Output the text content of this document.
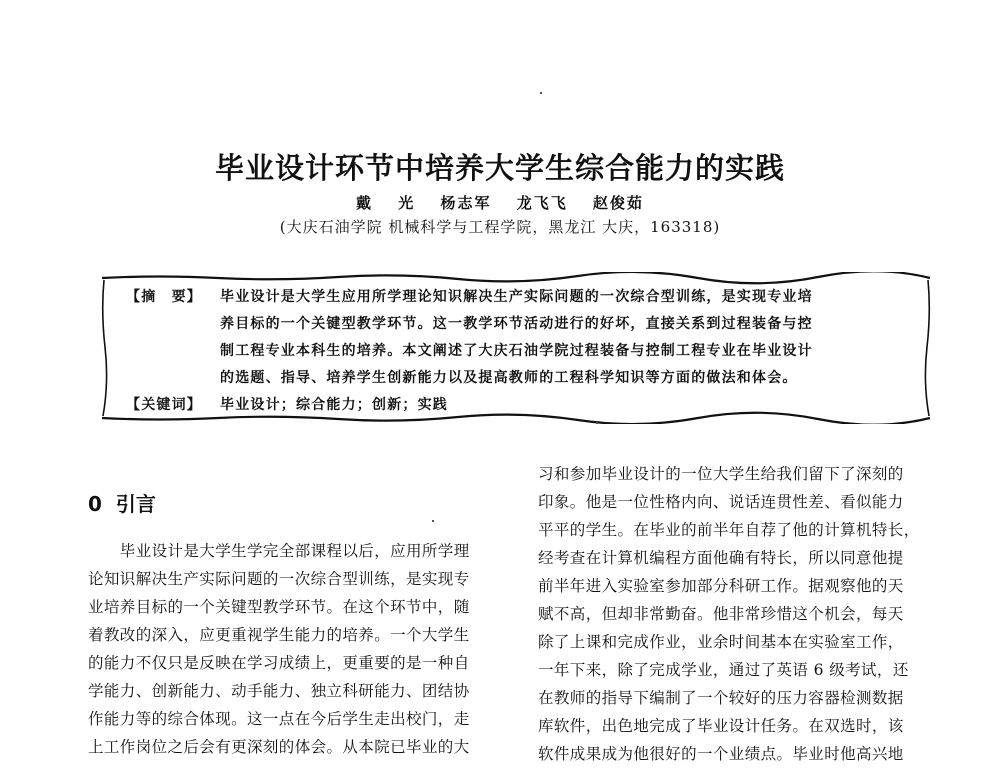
毕业设计环节中培养大学生综合能力的实践
戴 光 杨志军 龙飞飞 赵俊茹
(大庆石油学院 机械科学与工程学院，黑龙江 大庆，163318)
【摘　要】	毕业设计是大学生应用所学理论知识解决生产实际问题的一次综合型训练，是实现专业培
养目标的一个关键型教学环节。这一教学环节活动进行的好坏，直接关系到过程装备与控
制工程专业本科生的培养。本文阐述了大庆石油学院过程装备与控制工程专业在毕业设计
的选题、指导、培养学生创新能力以及提高教师的工程科学知识等方面的做法和体会。
【关键词】	毕业设计；综合能力；创新；实践
0 引言
　　毕业设计是大学生学完全部课程以后，应用所学理
论知识解决生产实际问题的一次综合型训练，是实现专
业培养目标的一个关键型教学环节。在这个环节中，随
着教改的深入，应更重视学生能力的培养。一个大学生
的能力不仅只是反映在学习成绩上，更重要的是一种自
学能力、创新能力、动手能力、独立科研能力、团结协
作能力等的综合体现。这一点在今后学生走出校门，走
上工作岗位之后会有更深刻的体会。从本院已毕业的大
习和参加毕业设计的一位大学生给我们留下了深刻的
印象。他是一位性格内向、说话连贯性差、看似能力
平平的学生。在毕业的前半年自荐了他的计算机特长，
经考查在计算机编程方面他确有特长，所以同意他提
前半年进入实验室参加部分科研工作。据观察他的天
赋不高，但却非常勤奋。他非常珍惜这个机会，每天
除了上课和完成作业，业余时间基本在实验室工作，
一年下来，除了完成学业，通过了英语 6 级考试，还
在教师的指导下编制了一个较好的压力容器检测数据
库软件，出色地完成了毕业设计任务。在双选时，该
软件成果成为他很好的一个业绩点。毕业时他高兴地
